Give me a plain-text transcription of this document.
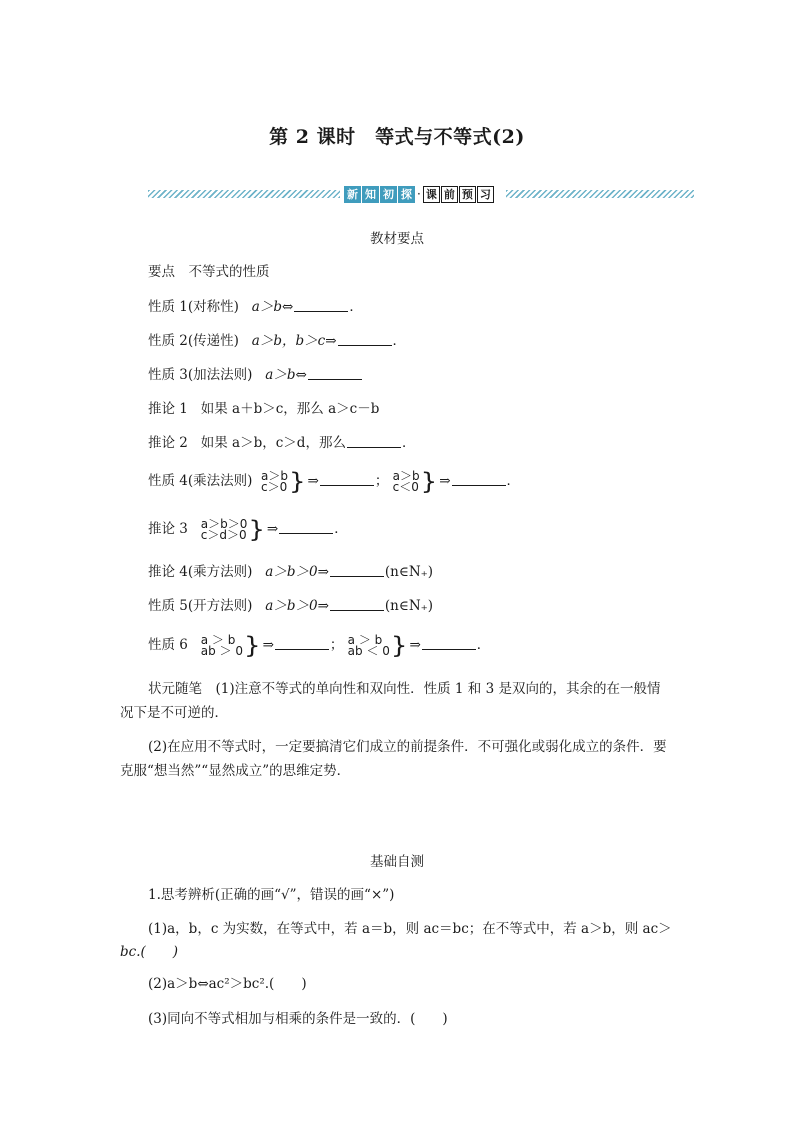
第 2 课时　等式与不等式(2)
新 知 初 探 · 课 前 预 习
教材要点
要点　不等式的性质
性质 1(对称性) a＞b⇔	．
性质 2(传递性) a＞b，b＞c⇒	．
性质 3(加法法则) a＞b⇔
推论 1 如果 a＋b＞c，那么 a＞c－b
推论 2 如果 a＞b，c＞d，那么	．
性质 4(乘法法则) a＞b
c＞0 } ⇒	； a＞b
c＜0 } ⇒	．
推论 3 a＞b＞0
c＞d＞0 } ⇒	．
推论 4(乘方法则) a＞b＞0⇒	(n∈N₊)
性质 5(开方法则) a＞b＞0⇒	(n∈N₊)
性质 6 a ＞ b
ab ＞ 0 } ⇒	； a ＞ b
ab ＜ 0 } ⇒	．
状元随笔　(1)注意不等式的单向性和双向性．性质 1 和 3 是双向的，其余的在一般情
况下是不可逆的．
(2)在应用不等式时，一定要搞清它们成立的前提条件．不可强化或弱化成立的条件．要
克服“想当然”“显然成立”的思维定势．
基础自测
1.思考辨析(正确的画“√”，错误的画“×”)
(1)a，b，c 为实数，在等式中，若 a＝b，则 ac＝bc；在不等式中，若 a＞b，则 ac＞
bc.(　　)
(2)a＞b⇔ac²＞bc².(　　)
(3)同向不等式相加与相乘的条件是一致的．(　　)
